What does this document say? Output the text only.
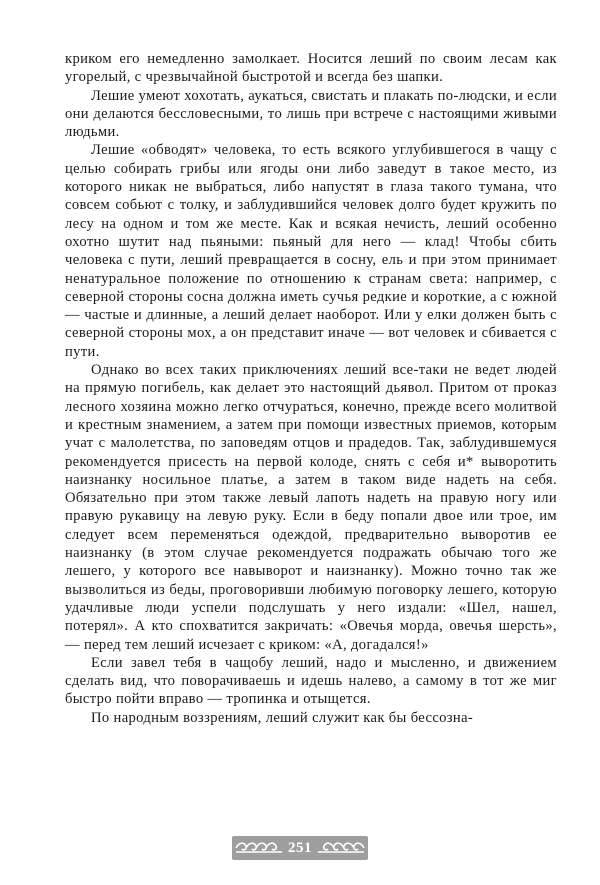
криком его немедленно замолкает. Носится леший по своим лесам как угорелый, с чрезвычайной быстротой и всегда без шапки.

Лешие умеют хохотать, аукаться, свистать и плакать по-людски, и если они делаются бессловесными, то лишь при встрече с настоящими живыми людьми.

Лешие «обводят» человека, то есть всякого углубившегося в чащу с целью собирать грибы или ягоды они либо заведут в такое место, из которого никак не выбраться, либо напустят в глаза такого тумана, что совсем собьют с толку, и заблудившийся человек долго будет кружить по лесу на одном и том же месте. Как и всякая нечисть, леший особенно охотно шутит над пьяными: пьяный для него — клад! Чтобы сбить человека с пути, леший превращается в сосну, ель и при этом принимает ненатуральное положение по отношению к странам света: например, с северной стороны сосна должна иметь сучья редкие и короткие, а с южной — частые и длинные, а леший делает наоборот. Или у елки должен быть с северной стороны мох, а он представит иначе — вот человек и сбивается с пути.

Однако во всех таких приключениях леший все-таки не ведет людей на прямую погибель, как делает это настоящий дьявол. Притом от проказ лесного хозяина можно легко отчураться, конечно, прежде всего молитвой и крестным знамением, а затем при помощи известных приемов, которым учат с малолетства, по заповедям отцов и прадедов. Так, заблудившемуся рекомендуется присесть на первой колоде, снять с себя и* выворотить наизнанку носильное платье, а затем в таком виде надеть на себя. Обязательно при этом также левый лапоть надеть на правую ногу или правую рукавицу на левую руку. Если в беду попали двое или трое, им следует всем переменяться одеждой, предварительно выворотив ее наизнанку (в этом случае рекомендуется подражать обычаю того же лешего, у которого все навыворот и наизнанку). Можно точно так же вызволиться из беды, проговоривши любимую поговорку лешего, которую удачливые люди успели подслушать у него издали: «Шел, нашел, потерял». А кто спохватится закричать: «Овечья морда, овечья шерсть», — перед тем леший исчезает с криком: «А, догадался!»

Если завел тебя в чащобу леший, надо и мысленно, и движением сделать вид, что поворачиваешь и идешь налево, а самому в тот же миг быстро пойти вправо — тропинка и отыщется.

По народным воззрениям, леший служит как бы бессозна-

251
